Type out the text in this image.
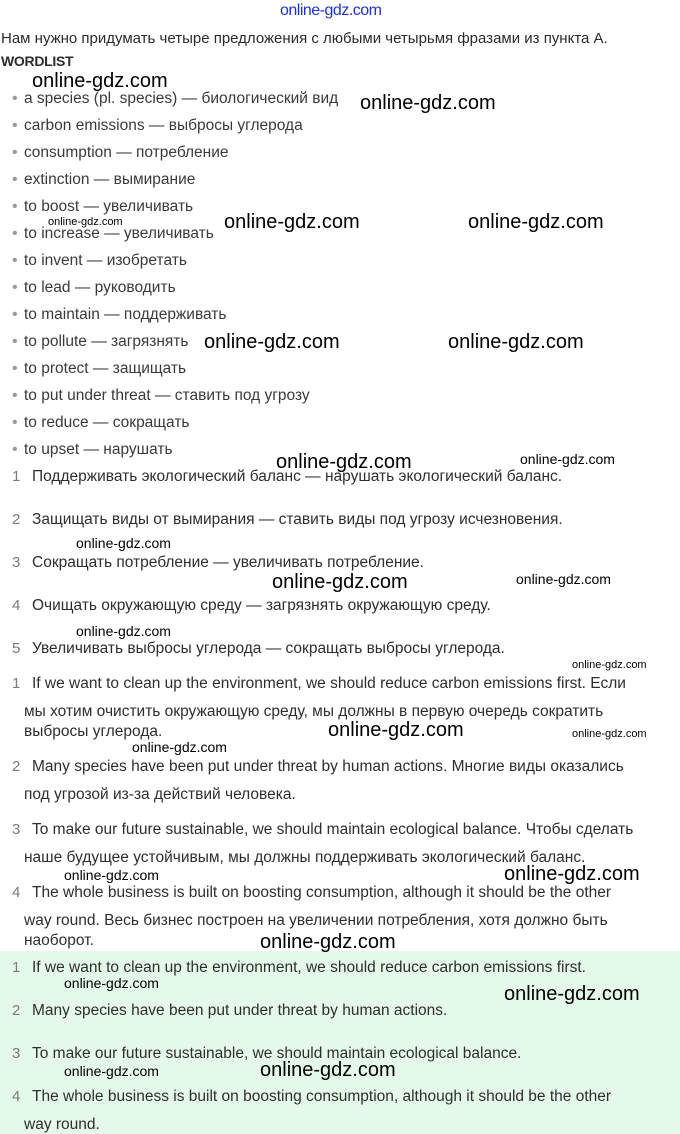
online-gdz.com
Нам нужно придумать четыре предложения с любыми четырьмя фразами из пункта А.
WORDLIST
• a species (pl. species) — биологический вид
• carbon emissions — выбросы углерода
• consumption — потребление
• extinction — вымирание
• to boost — увеличивать
• to increase — увеличивать
• to invent — изобретать
• to lead — руководить
• to maintain — поддерживать
• to pollute — загрязнять
• to protect — защищать
• to put under threat — ставить под угрозу
• to reduce — сокращать
• to upset — нарушать
1 Поддерживать экологический баланс — нарушать экологический баланс.
2 Защищать виды от вымирания — ставить виды под угрозу исчезновения.
3 Сокращать потребление — увеличивать потребление.
4 Очищать окружающую среду — загрязнять окружающую среду.
5 Увеличивать выбросы углерода — сокращать выбросы углерода.
1 If we want to clean up the environment, we should reduce carbon emissions first. Если
мы хотим очистить окружающую среду, мы должны в первую очередь сократить
выбросы углерода.
2 Many species have been put under threat by human actions. Многие виды оказались
под угрозой из-за действий человека.
3 To make our future sustainable, we should maintain ecological balance. Чтобы сделать
наше будущее устойчивым, мы должны поддерживать экологический баланс.
4 The whole business is built on boosting consumption, although it should be the other
way round. Весь бизнес построен на увеличении потребления, хотя должно быть
наоборот.
1 If we want to clean up the environment, we should reduce carbon emissions first.
2 Many species have been put under threat by human actions.
3 To make our future sustainable, we should maintain ecological balance.
4 The whole business is built on boosting consumption, although it should be the other
way round.
online-gdz.com
online-gdz.com
online-gdz.com	online-gdz.com	online-gdz.com
online-gdz.com	online-gdz.com
online-gdz.com	online-gdz.com
online-gdz.com
online-gdz.com	online-gdz.com
online-gdz.com
online-gdz.com
online-gdz.com	online-gdz.com
online-gdz.com
online-gdz.com	online-gdz.com
online-gdz.com
online-gdz.com	online-gdz.com
online-gdz.com	online-gdz.com
